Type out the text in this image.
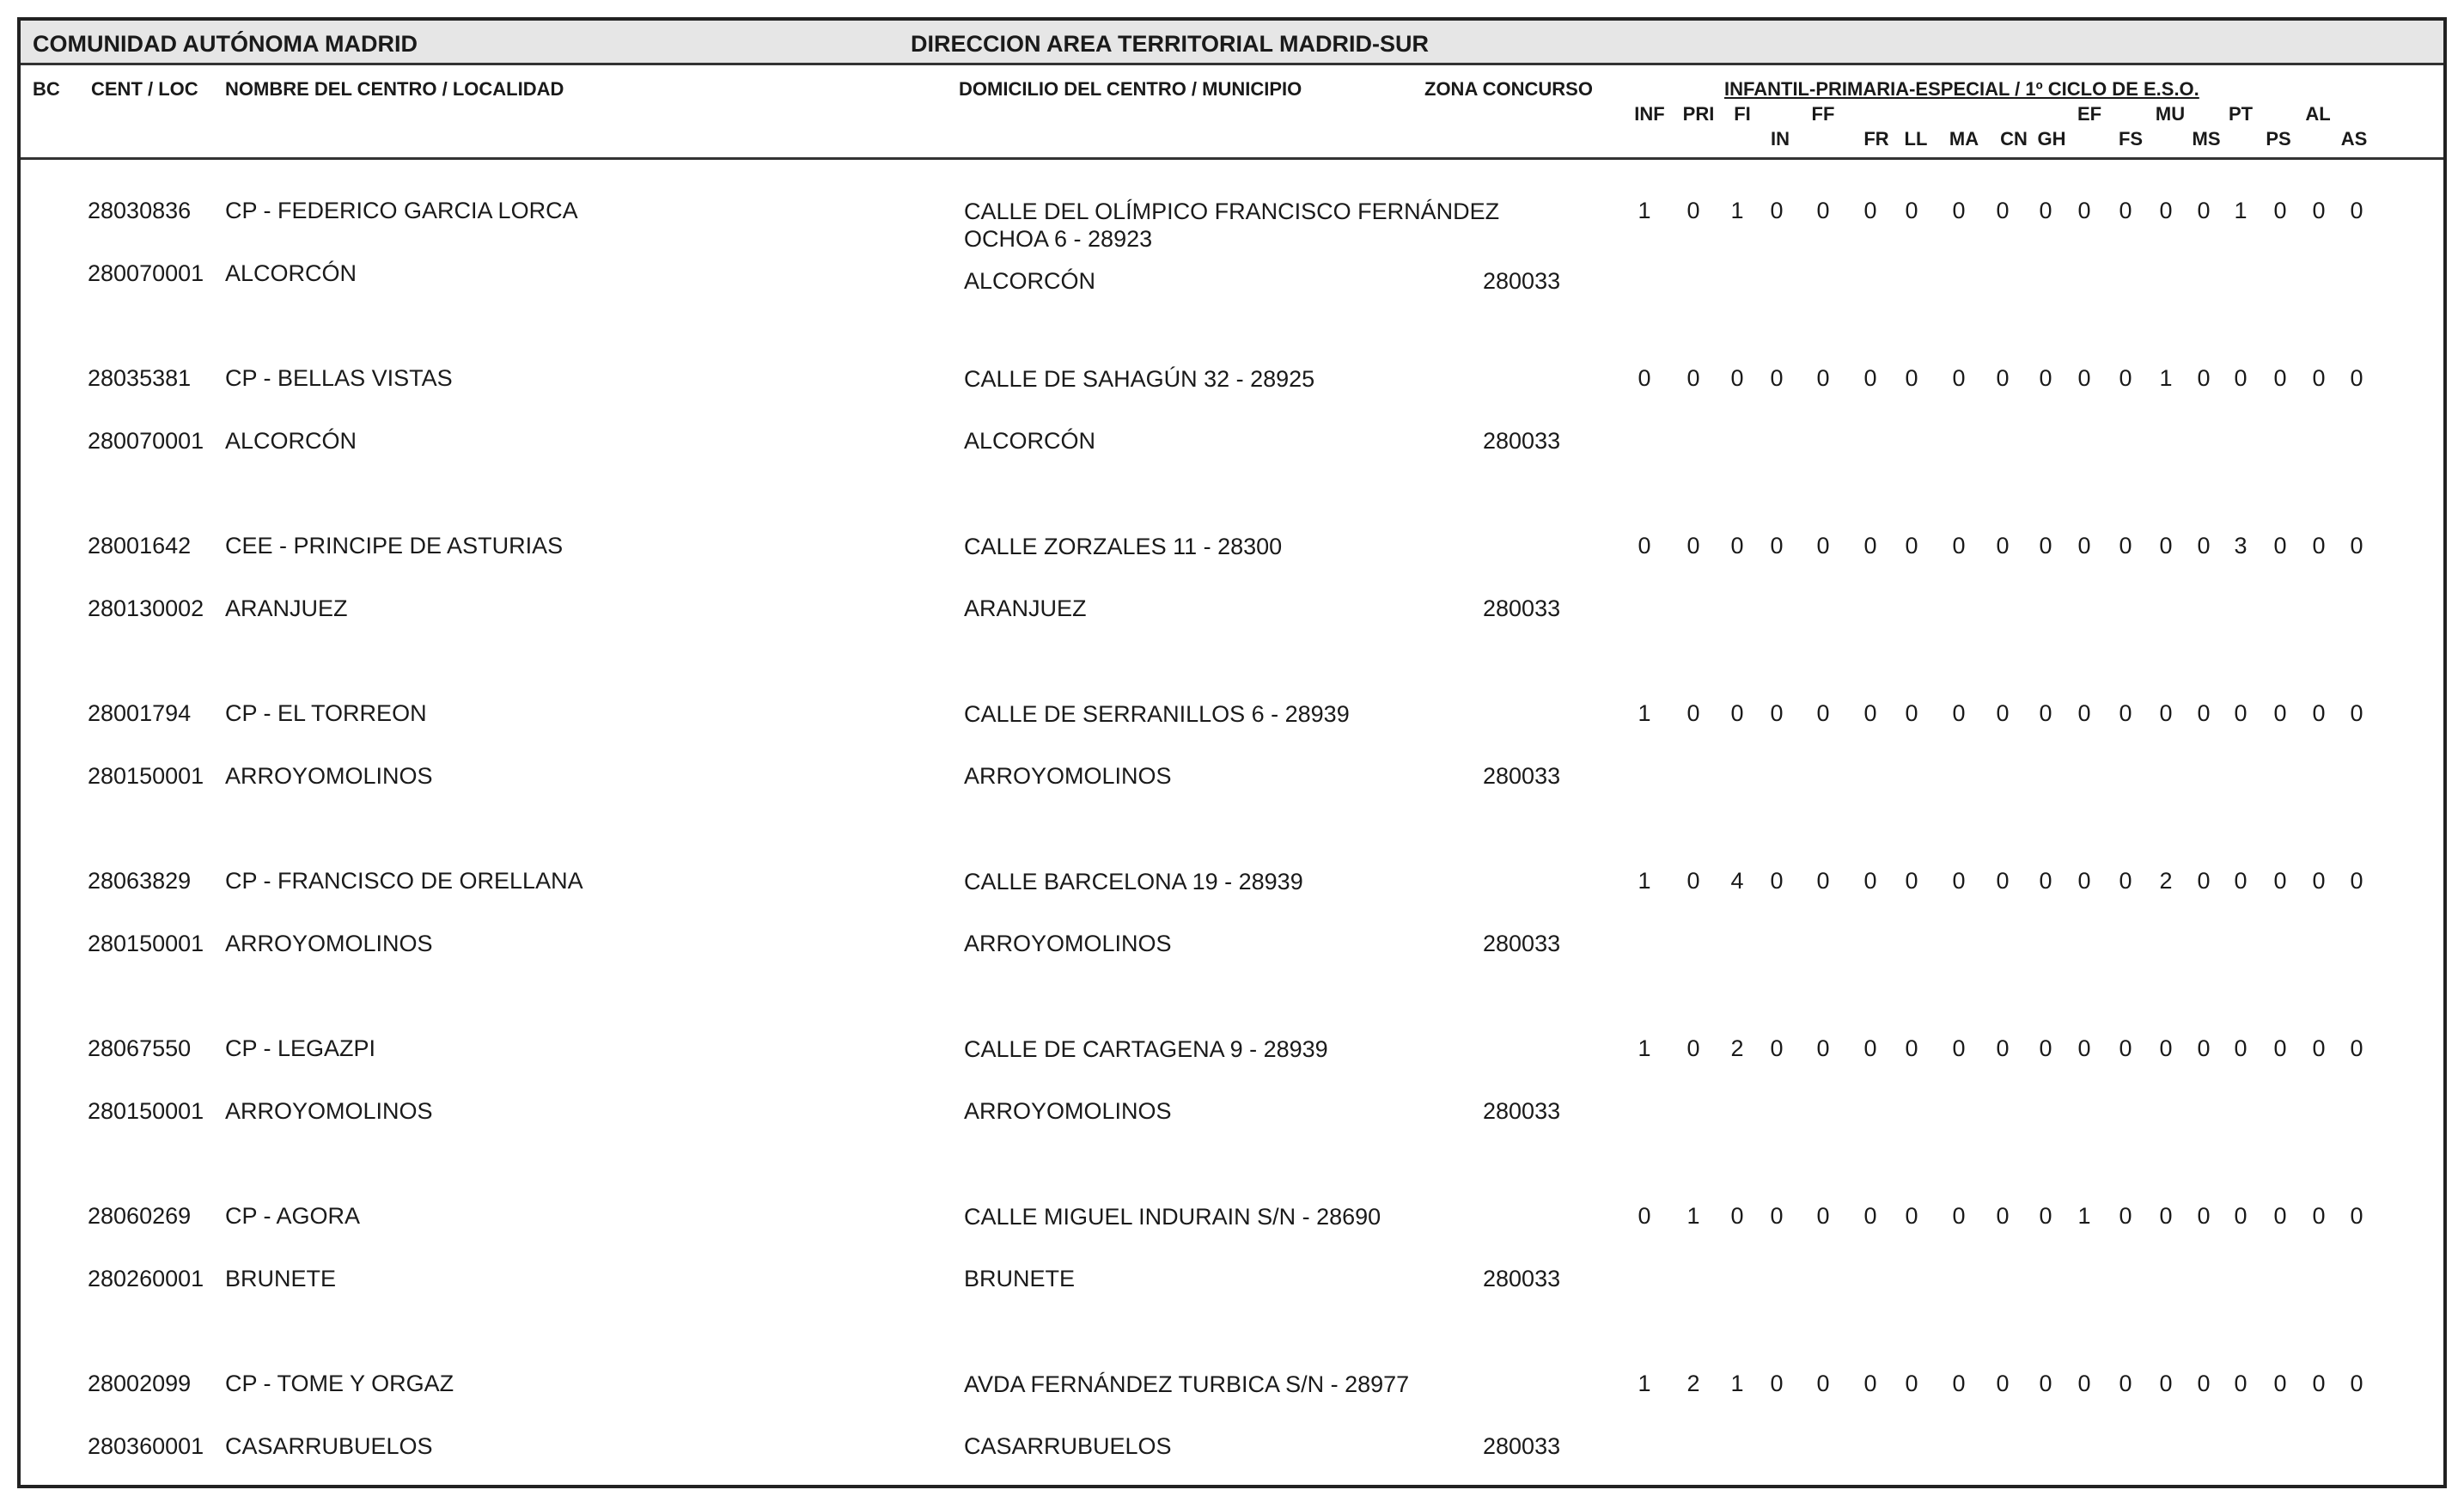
COMUNIDAD AUTÓNOMA MADRID	DIRECCION AREA TERRITORIAL MADRID-SUR
BC CENT / LOC NOMBRE DEL CENTRO / LOCALIDAD	DOMICILIO DEL CENTRO / MUNICIPIO	ZONA CONCURSO	INFANTIL-PRIMARIA-ESPECIAL / 1º CICLO DE E.S.O.
INF PRI FI	FF	EF	MU PT	AL
IN	FR LL MA CN GH	FS	MS PS	AS
28030836 CP - FEDERICO GARCIA LORCA	CALLE DEL OLÍMPICO FRANCISCO FERNÁNDEZ OCHOA 6 - 28923
280070001 ALCORCÓN	ALCORCÓN	280033
1 0 1 0 0 0 0 0 0 0 0 0 0 0 1 0 0 0
28035381 CP - BELLAS VISTAS	CALLE DE SAHAGÚN 32 - 28925
280070001 ALCORCÓN	ALCORCÓN	280033
0 0 0 0 0 0 0 0 0 0 0 0 1 0 0 0 0 0
28001642 CEE - PRINCIPE DE ASTURIAS	CALLE ZORZALES 11 - 28300
280130002 ARANJUEZ	ARANJUEZ	280033
0 0 0 0 0 0 0 0 0 0 0 0 0 0 3 0 0 0
28001794 CP - EL TORREON	CALLE DE SERRANILLOS 6 - 28939
280150001 ARROYOMOLINOS	ARROYOMOLINOS	280033
1 0 0 0 0 0 0 0 0 0 0 0 0 0 0 0 0 0
28063829 CP - FRANCISCO DE ORELLANA	CALLE BARCELONA 19 - 28939
280150001 ARROYOMOLINOS	ARROYOMOLINOS	280033
1 0 4 0 0 0 0 0 0 0 0 0 2 0 0 0 0 0
28067550 CP - LEGAZPI	CALLE DE CARTAGENA 9 - 28939
280150001 ARROYOMOLINOS	ARROYOMOLINOS	280033
1 0 2 0 0 0 0 0 0 0 0 0 0 0 0 0 0 0
28060269 CP - AGORA	CALLE MIGUEL INDURAIN S/N - 28690
280260001 BRUNETE	BRUNETE	280033
0 1 0 0 0 0 0 0 0 0 1 0 0 0 0 0 0 0
28002099 CP - TOME Y ORGAZ	AVDA FERNÁNDEZ TURBICA S/N - 28977
280360001 CASARRUBUELOS	CASARRUBUELOS	280033
1 2 1 0 0 0 0 0 0 0 0 0 0 0 0 0 0 0
